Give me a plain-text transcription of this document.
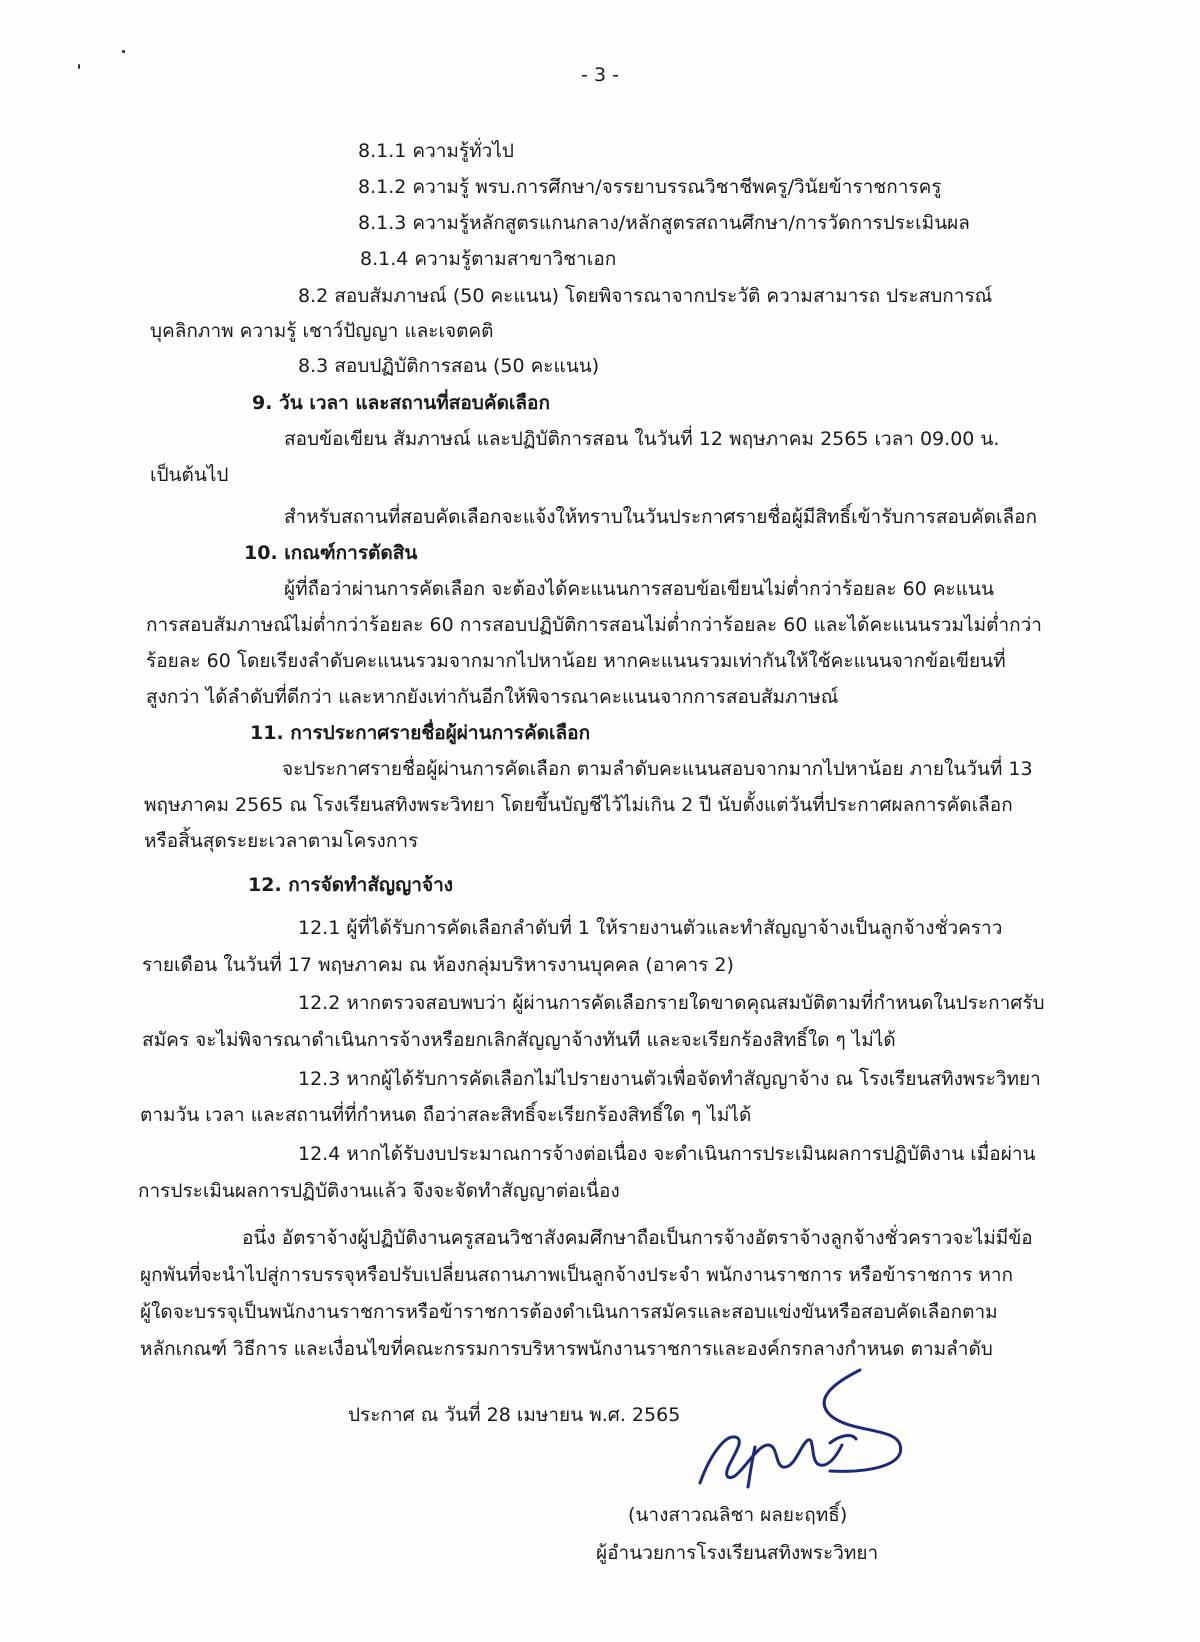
- 3 -
8.1.1 ความรู้ทั่วไป
8.1.2 ความรู้ พรบ.การศึกษา/จรรยาบรรณวิชาชีพครู/วินัยข้าราชการครู
8.1.3 ความรู้หลักสูตรแกนกลาง/หลักสูตรสถานศึกษา/การวัดการประเมินผล
8.1.4 ความรู้ตามสาขาวิชาเอก
8.2 สอบสัมภาษณ์ (50 คะแนน) โดยพิจารณาจากประวัติ ความสามารถ ประสบการณ์
บุคลิกภาพ ความรู้ เชาว์ปัญญา และเจตคติ
8.3 สอบปฏิบัติการสอน (50 คะแนน)
9. วัน เวลา และสถานที่สอบคัดเลือก
สอบข้อเขียน สัมภาษณ์ และปฏิบัติการสอน ในวันที่ 12 พฤษภาคม 2565 เวลา 09.00 น.
เป็นต้นไป
สำหรับสถานที่สอบคัดเลือกจะแจ้งให้ทราบในวันประกาศรายชื่อผู้มีสิทธิ์เข้ารับการสอบคัดเลือก
10. เกณฑ์การตัดสิน
ผู้ที่ถือว่าผ่านการคัดเลือก จะต้องได้คะแนนการสอบข้อเขียนไม่ต่ำกว่าร้อยละ 60 คะแนน
การสอบสัมภาษณ์ไม่ต่ำกว่าร้อยละ 60 การสอบปฏิบัติการสอนไม่ต่ำกว่าร้อยละ 60 และได้คะแนนรวมไม่ต่ำกว่า
ร้อยละ 60 โดยเรียงลำดับคะแนนรวมจากมากไปหาน้อย หากคะแนนรวมเท่ากันให้ใช้คะแนนจากข้อเขียนที่
สูงกว่า ได้ลำดับที่ดีกว่า และหากยังเท่ากันอีกให้พิจารณาคะแนนจากการสอบสัมภาษณ์
11. การประกาศรายชื่อผู้ผ่านการคัดเลือก
จะประกาศรายชื่อผู้ผ่านการคัดเลือก ตามลำดับคะแนนสอบจากมากไปหาน้อย ภายในวันที่ 13
พฤษภาคม 2565 ณ โรงเรียนสทิงพระวิทยา โดยขึ้นบัญชีไว้ไม่เกิน 2 ปี นับตั้งแต่วันที่ประกาศผลการคัดเลือก
หรือสิ้นสุดระยะเวลาตามโครงการ
12. การจัดทำสัญญาจ้าง
12.1 ผู้ที่ได้รับการคัดเลือกลำดับที่ 1 ให้รายงานตัวและทำสัญญาจ้างเป็นลูกจ้างชั่วคราว
รายเดือน ในวันที่ 17 พฤษภาคม ณ ห้องกลุ่มบริหารงานบุคคล (อาคาร 2)
12.2 หากตรวจสอบพบว่า ผู้ผ่านการคัดเลือกรายใดขาดคุณสมบัติตามที่กำหนดในประกาศรับ
สมัคร จะไม่พิจารณาดำเนินการจ้างหรือยกเลิกสัญญาจ้างทันที และจะเรียกร้องสิทธิ์ใด ๆ ไม่ได้
12.3 หากผู้ได้รับการคัดเลือกไม่ไปรายงานตัวเพื่อจัดทำสัญญาจ้าง ณ โรงเรียนสทิงพระวิทยา
ตามวัน เวลา และสถานที่ที่กำหนด ถือว่าสละสิทธิ์จะเรียกร้องสิทธิ์ใด ๆ ไม่ได้
12.4 หากได้รับงบประมาณการจ้างต่อเนื่อง จะดำเนินการประเมินผลการปฏิบัติงาน เมื่อผ่าน
การประเมินผลการปฏิบัติงานแล้ว จึงจะจัดทำสัญญาต่อเนื่อง
อนึ่ง อัตราจ้างผู้ปฏิบัติงานครูสอนวิชาสังคมศึกษาถือเป็นการจ้างอัตราจ้างลูกจ้างชั่วคราวจะไม่มีข้อ
ผูกพันที่จะนำไปสู่การบรรจุหรือปรับเปลี่ยนสถานภาพเป็นลูกจ้างประจำ พนักงานราชการ หรือข้าราชการ หาก
ผู้ใดจะบรรจุเป็นพนักงานราชการหรือข้าราชการต้องดำเนินการสมัครและสอบแข่งขันหรือสอบคัดเลือกตาม
หลักเกณฑ์ วิธีการ และเงื่อนไขที่คณะกรรมการบริหารพนักงานราชการและองค์กรกลางกำหนด ตามลำดับ
ประกาศ ณ วันที่ 28 เมษายน พ.ศ. 2565
(นางสาวณลิชา ผลยะฤทธิ์)
ผู้อำนวยการโรงเรียนสทิงพระวิทยา
